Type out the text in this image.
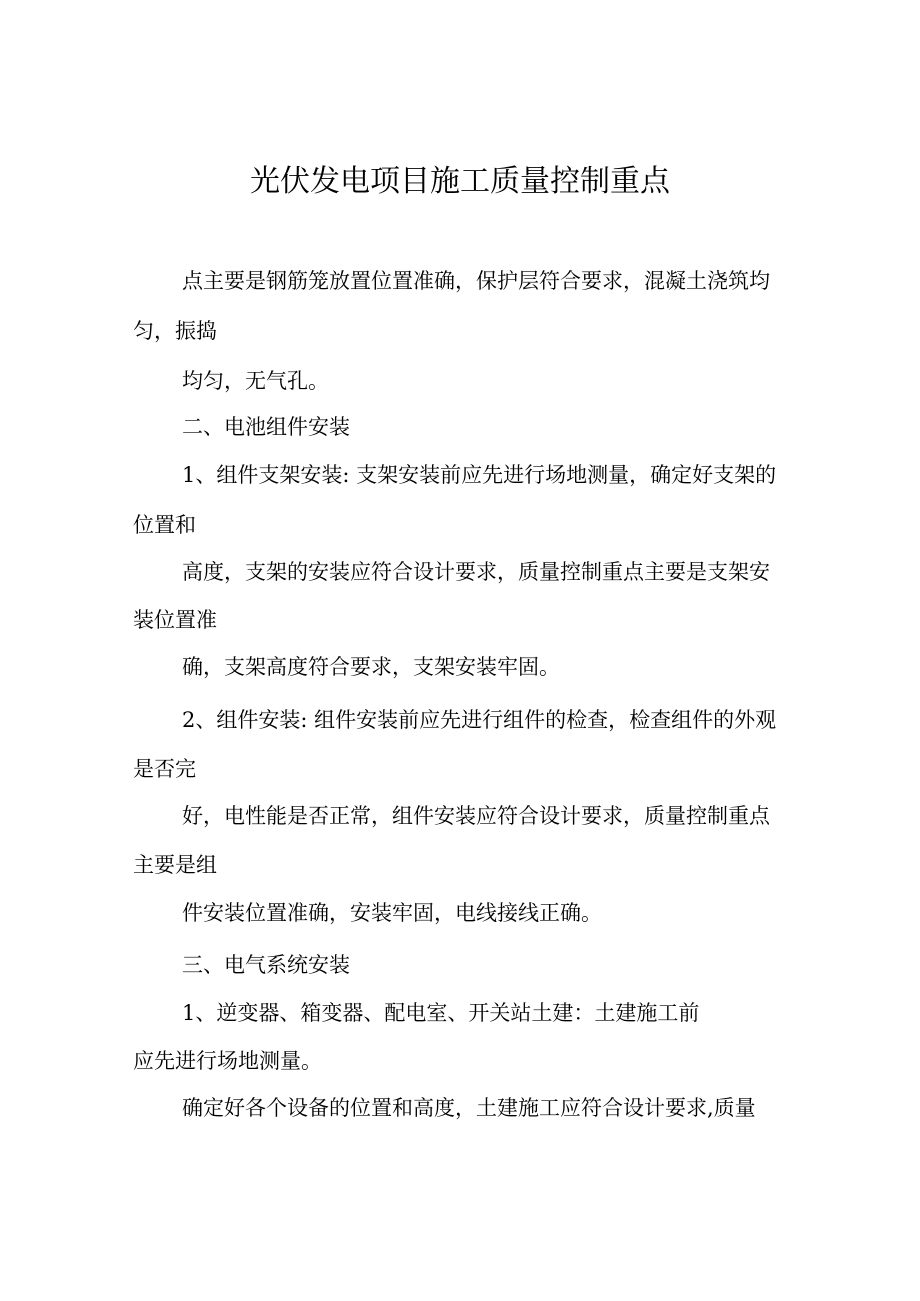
光伏发电项目施工质量控制重点

点主要是钢筋笼放置位置准确，保护层符合要求，混凝土浇筑均

匀，振捣

均匀，无气孔。

二、电池组件安装

1、组件支架安装: 支架安装前应先进行场地测量，确定好支架的

位置和

高度，支架的安装应符合设计要求，质量控制重点主要是支架安

装位置准

确，支架高度符合要求，支架安装牢固。

2、组件安装: 组件安装前应先进行组件的检查，检查组件的外观

是否完

好，电性能是否正常，组件安装应符合设计要求，质量控制重点

主要是组

件安装位置准确，安装牢固，电线接线正确。

三、电气系统安装

1、逆变器、箱变器、配电室、开关站土建：土建施工前

应先进行场地测量。

确定好各个设备的位置和高度，土建施工应符合设计要求,质量
